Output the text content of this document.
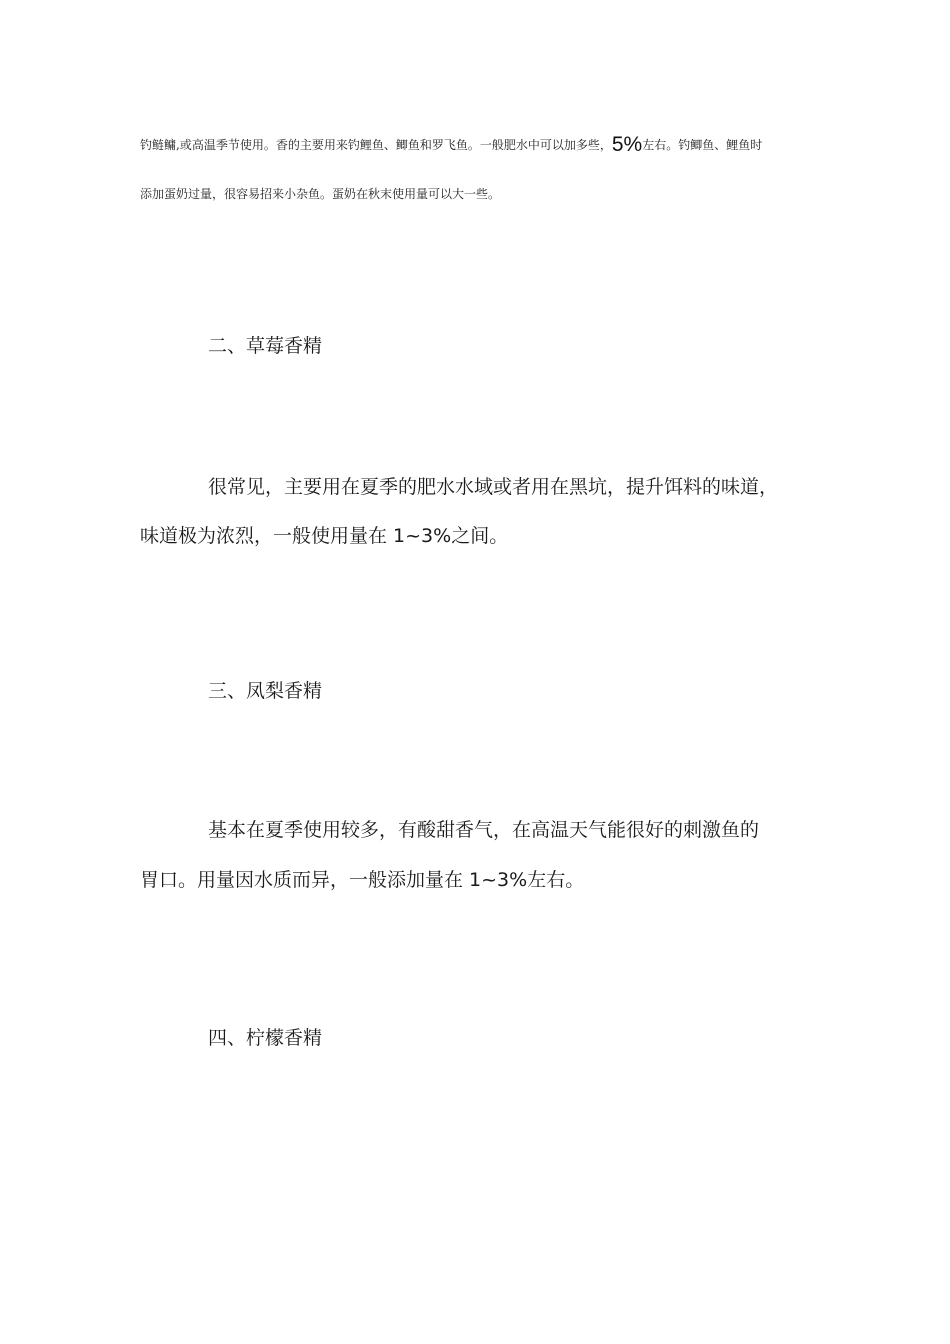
钓鲢鳙,或高温季节使用。香的主要用来钓鲤鱼、鲫鱼和罗飞鱼。一般肥水中可以加多些，5%左右。钓鲫鱼、鲤鱼时
添加蛋奶过量，很容易招来小杂鱼。蛋奶在秋末使用量可以大一些。
二、草莓香精
很常见，主要用在夏季的肥水水域或者用在黑坑，提升饵料的味道，
味道极为浓烈，一般使用量在 1~3%之间。
三、凤梨香精
基本在夏季使用较多，有酸甜香气，在高温天气能很好的刺激鱼的
胃口。用量因水质而异，一般添加量在 1~3%左右。
四、柠檬香精
